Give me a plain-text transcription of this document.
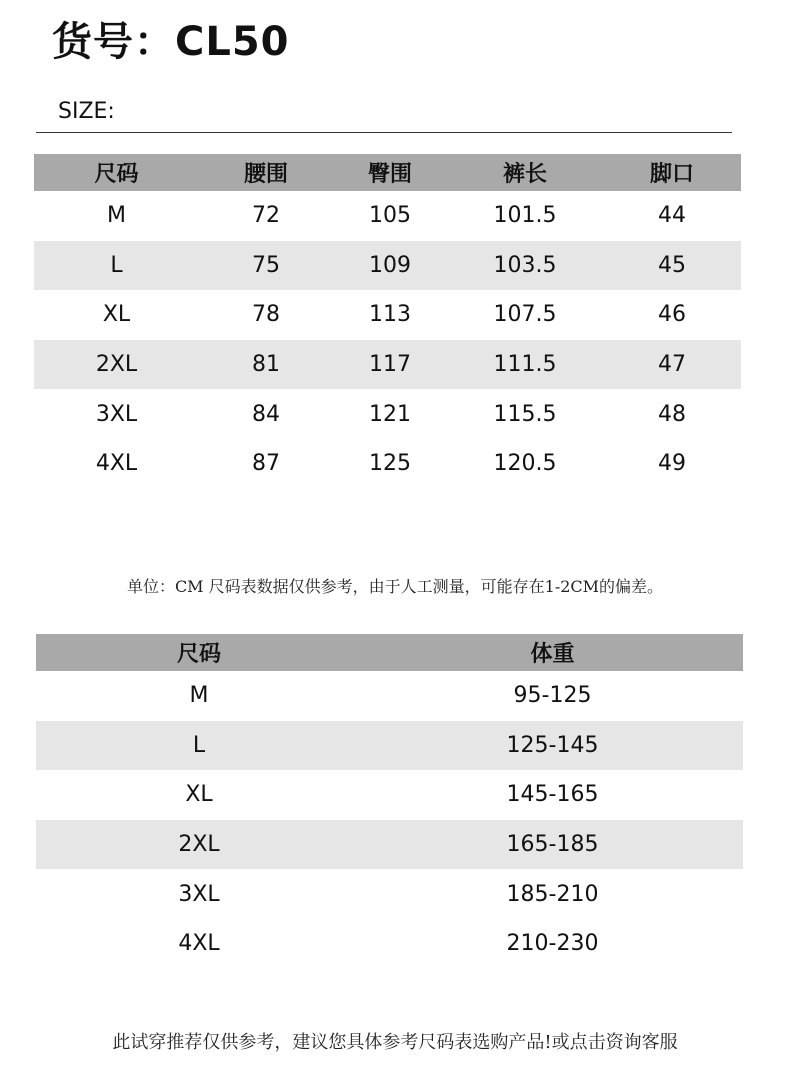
货号：CL50
SIZE:
尺码	腰围	臀围	裤长	脚口
M	72	105	101.5	44
L	75	109	103.5	45
XL	78	113	107.5	46
2XL	81	117	111.5	47
3XL	84	121	115.5	48
4XL	87	125	120.5	49
单位：CM 尺码表数据仅供参考，由于人工测量，可能存在1-2CM的偏差。
尺码	体重
M	95-125
L	125-145
XL	145-165
2XL	165-185
3XL	185-210
4XL	210-230
此试穿推荐仅供参考，建议您具体参考尺码表选购产品!或点击资询客服
